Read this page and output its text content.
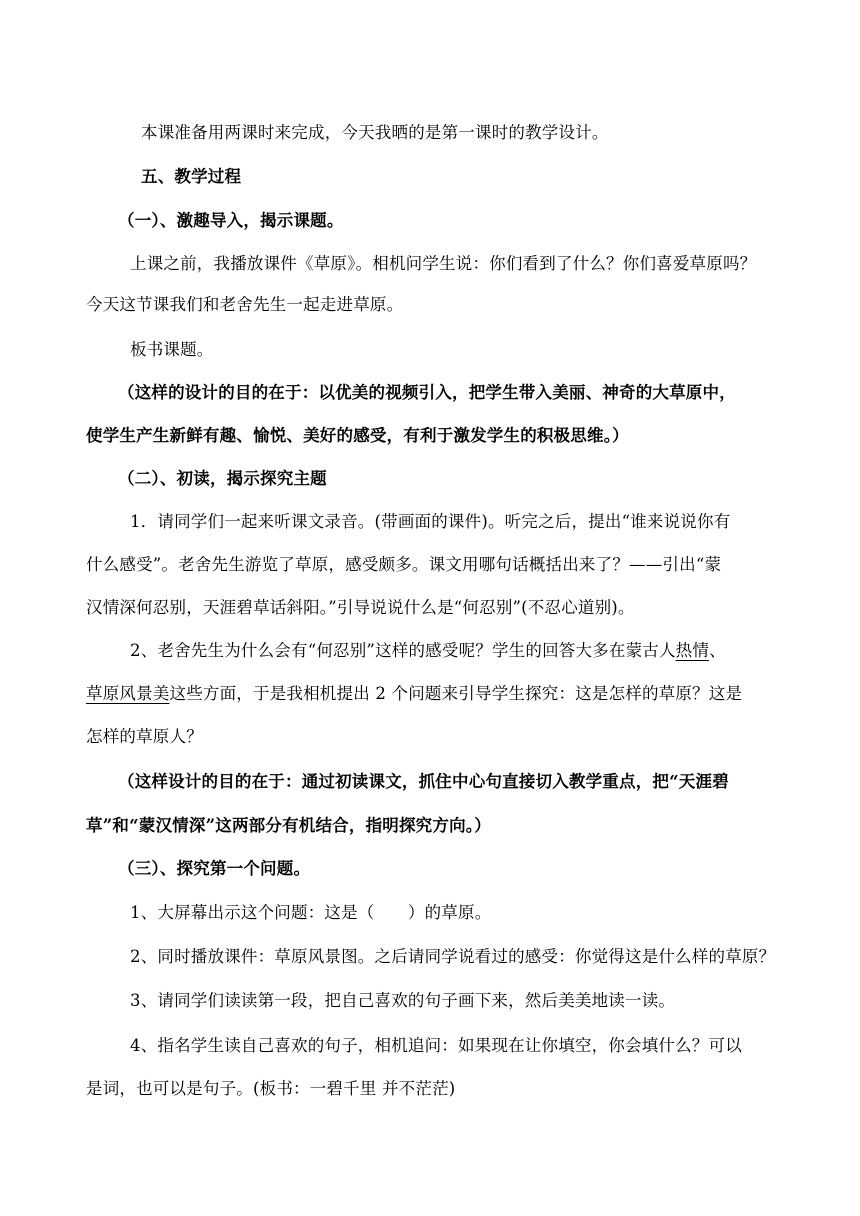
本课准备用两课时来完成，今天我晒的是第一课时的教学设计。
五、教学过程
（一）、激趣导入，揭示课题。
上课之前，我播放课件《草原》。相机问学生说：你们看到了什么？你们喜爱草原吗？
今天这节课我们和老舍先生一起走进草原。
板书课题。
（这样的设计的目的在于：以优美的视频引入，把学生带入美丽、神奇的大草原中，
使学生产生新鲜有趣、愉悦、美好的感受，有利于激发学生的积极思维。）
（二）、初读，揭示探究主题
1．请同学们一起来听课文录音。(带画面的课件)。听完之后，提出“谁来说说你有
什么感受”。老舍先生游览了草原，感受颇多。课文用哪句话概括出来了？——引出“蒙
汉情深何忍别，天涯碧草话斜阳。”引导说说什么是“何忍别”(不忍心道别)。
2、老舍先生为什么会有“何忍别”这样的感受呢？学生的回答大多在蒙古人热情、
草原风景美这些方面，于是我相机提出 2 个问题来引导学生探究：这是怎样的草原？这是
怎样的草原人？
（这样设计的目的在于：通过初读课文，抓住中心句直接切入教学重点，把“天涯碧
草”和“蒙汉情深”这两部分有机结合，指明探究方向。）
（三）、探究第一个问题。
1、大屏幕出示这个问题：这是（　　）的草原。
2、同时播放课件：草原风景图。之后请同学说看过的感受：你觉得这是什么样的草原？
3、请同学们读读第一段，把自己喜欢的句子画下来，然后美美地读一读。
4、指名学生读自己喜欢的句子，相机追问：如果现在让你填空，你会填什么？可以
是词，也可以是句子。(板书：一碧千里 并不茫茫)
